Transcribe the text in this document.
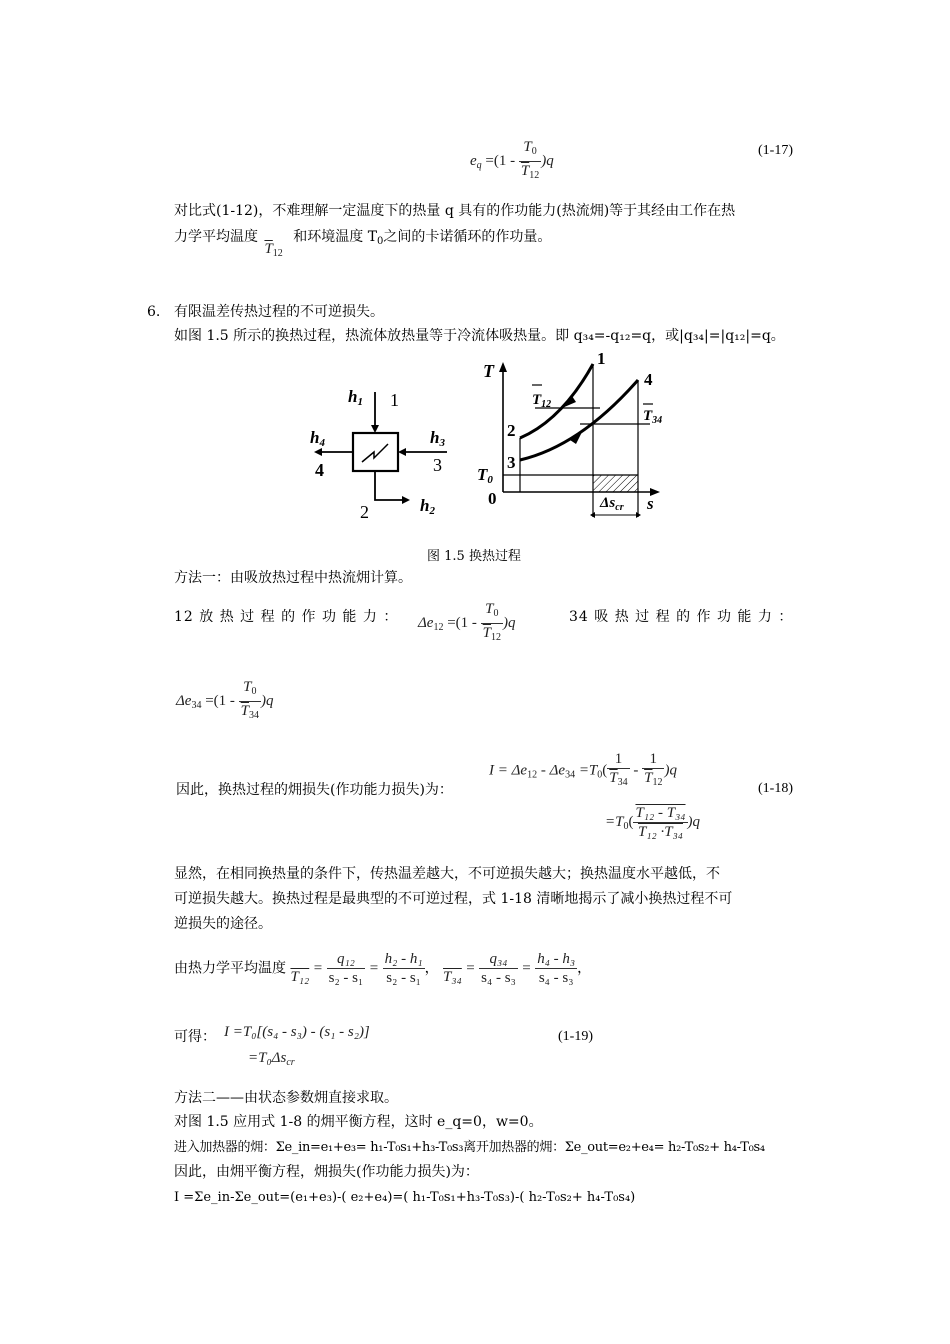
$e_q =(1 - \frac{T_0}{\overline{T}_{12}} )q$
(1-17)
对比式(1-12)，不难理解一定温度下的热量 q 具有的作功能力(热流㶲)等于其经由工作在热
力学平均温度 $\overline{T}_{12}$ 和环境温度 $T_0$之间的卡诺循环的作功量。
6. 有限温差传热过程的不可逆损失。
如图 1.5 所示的换热过程，热流体放热量等于冷流体吸热量。即 q₃₄=-q₁₂=q，或|q₃₄|=|q₁₂|=q。
h1 1
h4
4
h3
3
2	h2
T
T0
0	s
1
2
3
4
$T_{12}$
$T_{34}$
$\Delta s_{cr}$
图 1.5 换热过程
方法一：由吸放热过程中热流㶲计算。
12 放 热 过 程 的 作 功 能 力 ： $\Delta e_{12} =(1 - \frac{T_0}{\overline{T}_{12}} )q$	34 吸 热 过 程 的 作 功 能 力 ：
$\Delta e_{34} =(1 - \frac{T_0}{\overline{T}_{34}} )q$
因此，换热过程的㶲损失(作功能力损失)为：
$I = \Delta e_{12} - \Delta e_{34} =T_0( \frac{1}{\overline{T}_{34}} - \frac{1}{\overline{T}_{12}} )q$
(1-18)
$=T_0( \frac{\text{T₁₂ - T₃₄}}{\text{T₁₂ ·T₃₄}} )q$
显然，在相同换热量的条件下，传热温差越大，不可逆损失越大；换热温度水平越低，不
可逆损失越大。换热过程是最典型的不可逆过程，式 1-18 清晰地揭示了减小换热过程不可
逆损失的途径。
由热力学平均温度 $T_{12} = \frac{\text{q₁₂}}{\text{s₂ - s₁}} = \frac{\text{h₂ - h₁}}{\text{s₂ - s₁}}$ ， $T_{34} = \frac{\text{q₃₄}}{\text{s₄ - s₃}} = \frac{\text{h₄ - h₃}}{\text{s₄ - s₃}}$ ，
可得： I =T₀[(s₄ - s₃) - (s₁ - s₂)]
$=T_0\Delta s_{cr}$
(1-19)
方法二——由状态参数㶲直接求取。
对图 1.5 应用式 1-8 的㶲平衡方程，这时 e_q=0，w=0。
进入加热器的㶲：Σe_in=e₁+e₃= h₁-T₀s₁+h₃-T₀s₃离开加热器的㶲：Σe_out=e₂+e₄= h₂-T₀s₂+ h₄-T₀s₄
因此，由㶲平衡方程，㶲损失(作功能力损失)为：
I =Σe_in-Σe_out=(e₁+e₃)-( e₂+e₄)=( h₁-T₀s₁+h₃-T₀s₃)-( h₂-T₀s₂+ h₄-T₀s₄)
